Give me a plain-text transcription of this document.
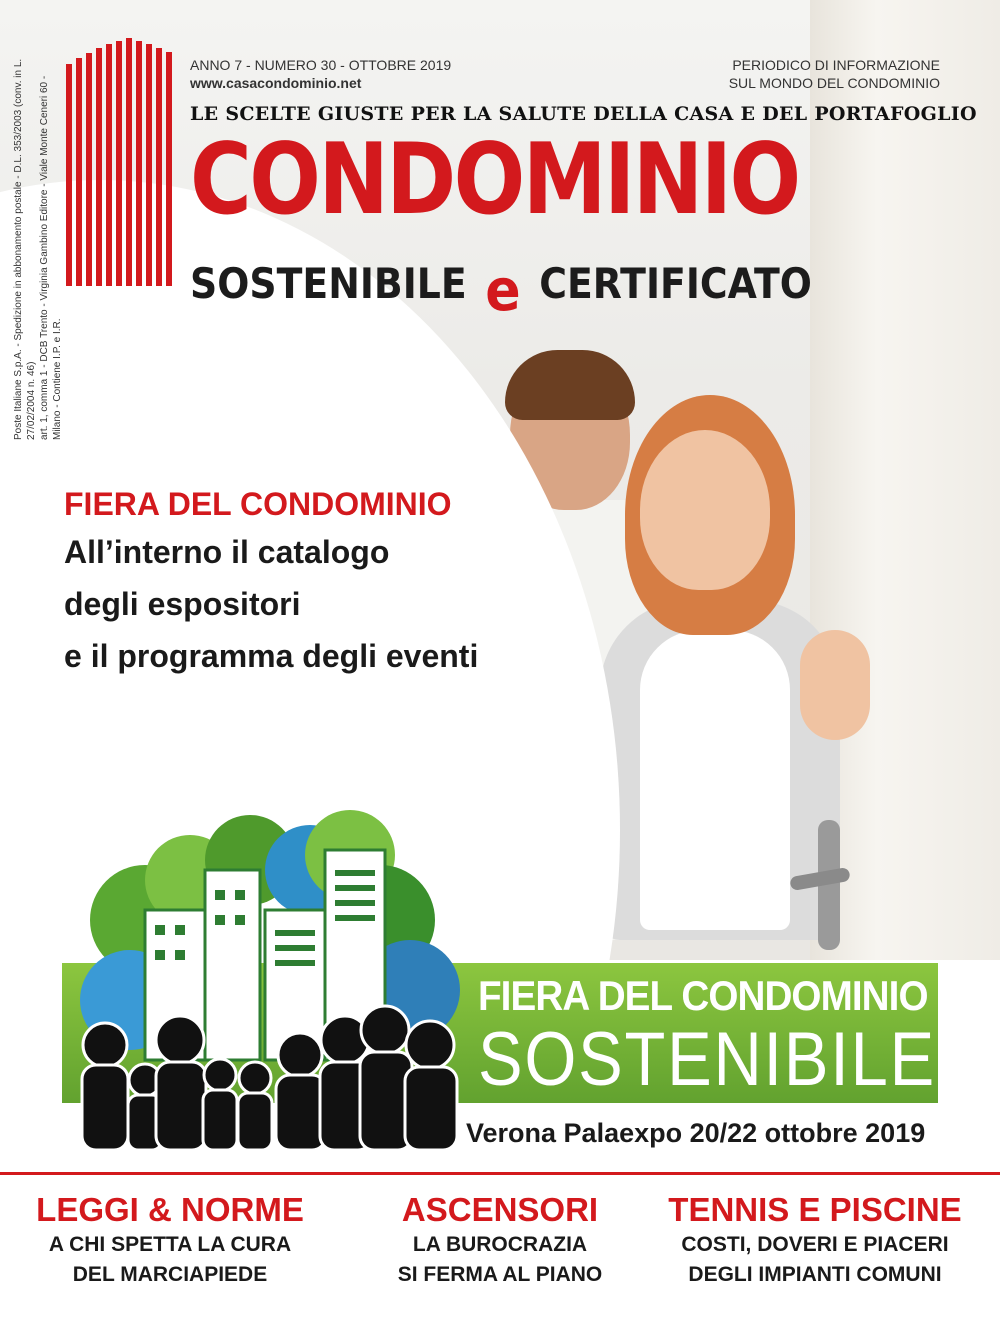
ANNO 7 - NUMERO 30 - OTTOBRE 2019
www.casacondominio.net
PERIODICO DI INFORMAZIONE
SUL MONDO DEL CONDOMINIO
LE SCELTE GIUSTE PER LA SALUTE DELLA CASA E DEL PORTAFOGLIO
CONDOMINIO
SOSTENIBILE e CERTIFICATO
Poste Italiane S.p.A. - Spedizione in abbonamento postale - D.L. 353/2003 (conv. in L. 27/02/2004 n. 46) art. 1, comma 1 - DCB Trento - Virginia Gambino Editore - Viale Monte Ceneri 60 - Milano - Contiene I.P. e I.R.
FIERA DEL CONDOMINIO
All’interno il catalogo
degli espositori
e il programma degli eventi
FIERA DEL CONDOMINIO
SOSTENIBILE
Verona Palaexpo 20/22 ottobre 2019
LEGGI & NORME
A CHI SPETTA LA CURA
DEL MARCIAPIEDE
ASCENSORI
LA BUROCRAZIA
SI FERMA AL PIANO
TENNIS E PISCINE
COSTI, DOVERI E PIACERI
DEGLI IMPIANTI COMUNI
